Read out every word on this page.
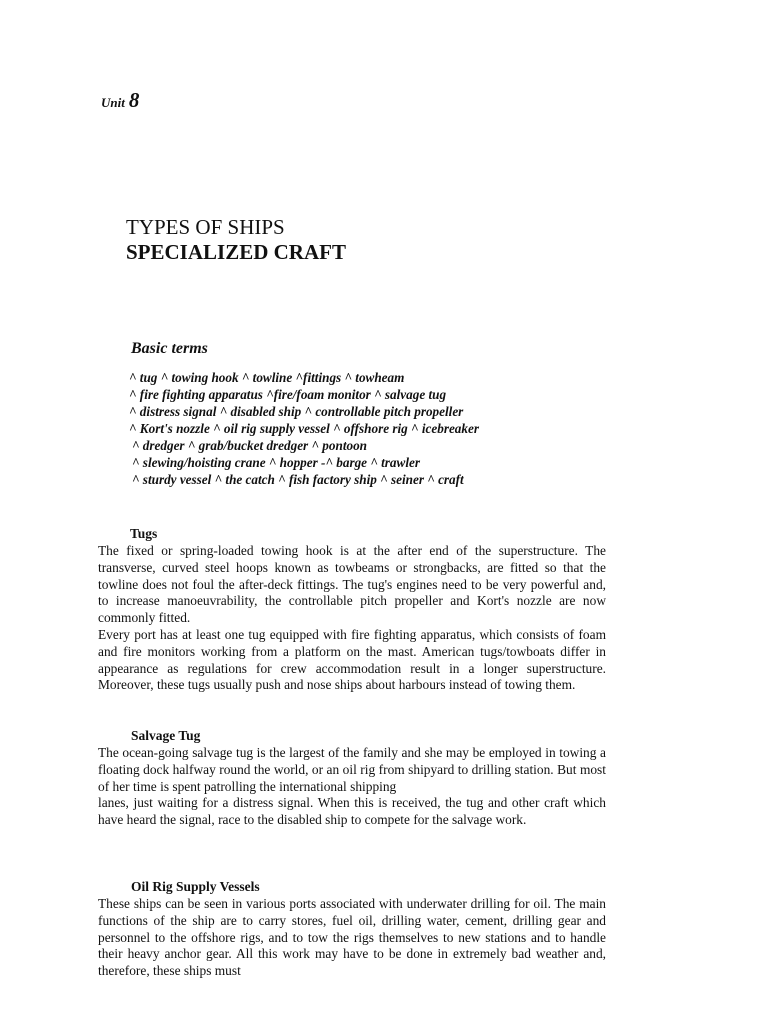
Unit 8
TYPES OF SHIPS
SPECIALIZED CRAFT
Basic terms
^ tug ^ towing hook ^ towline ^fittings ^ towheam
^ fire fighting apparatus ^fire/foam monitor ^ salvage tug
^ distress signal ^ disabled ship ^ controllable pitch propeller
^ Kort's nozzle ^ oil rig supply vessel ^ offshore rig ^ icebreaker
^ dredger ^ grab/bucket dredger ^ pontoon
^ slewing/hoisting crane ^ hopper -^ barge ^ trawler
^ sturdy vessel ^ the catch ^ fish factory ship ^ seiner ^ craft
Tugs

The fixed or spring-loaded towing hook is at the after end of the superstructure. The transverse, curved steel hoops known as towbeams or strongbacks, are fitted so that the towline does not foul the after-deck fittings. The tug's engines need to be very powerful and, to increase manoeuvrability, the controllable pitch propeller and Kort's nozzle are now commonly fitted.

Every port has at least one tug equipped with fire fighting apparatus, which consists of foam and fire monitors working from a platform on the mast. American tugs/towboats differ in appearance as regulations for crew accommodation result in a longer superstructure. Moreover, these tugs usually push and nose ships about harbours instead of towing them.

Salvage Tug

The ocean-going salvage tug is the largest of the family and she may be employed in towing a floating dock halfway round the world, or an oil rig from shipyard to drilling station. But most of her time is spent patrolling the international shipping

lanes, just waiting for a distress signal. When this is received, the tug and other craft which have heard the signal, race to the disabled ship to compete for the salvage work.

Oil Rig Supply Vessels

These ships can be seen in various ports associated with underwater drilling for oil. The main functions of the ship are to carry stores, fuel oil, drilling water, cement, drilling gear and personnel to the offshore rigs, and to tow the rigs themselves to new stations and to handle their heavy anchor gear. All this work may have to be done in extremely bad weather and, therefore, these ships must
